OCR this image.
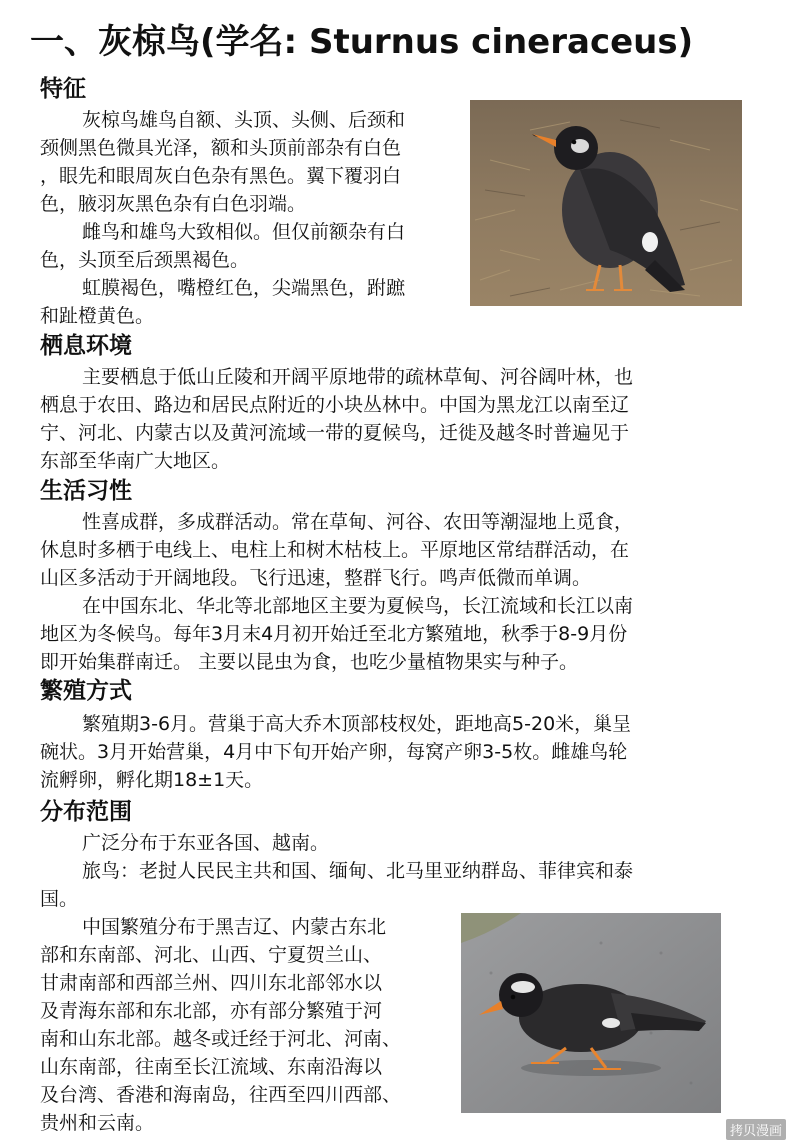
一、灰椋鸟(学名: Sturnus cineraceus)
特征
灰椋鸟雄鸟自额、头顶、头侧、后颈和
颈侧黑色微具光泽，额和头顶前部杂有白色
，眼先和眼周灰白色杂有黑色。翼下覆羽白
色，腋羽灰黑色杂有白色羽端。
雌鸟和雄鸟大致相似。但仅前额杂有白
色，头顶至后颈黑褐色。
虹膜褐色，嘴橙红色，尖端黑色，跗蹠
和趾橙黄色。
栖息环境
主要栖息于低山丘陵和开阔平原地带的疏林草甸、河谷阔叶林，也
栖息于农田、路边和居民点附近的小块丛林中。中国为黑龙江以南至辽
宁、河北、内蒙古以及黄河流域一带的夏候鸟，迁徙及越冬时普遍见于
东部至华南广大地区。
生活习性
性喜成群，多成群活动。常在草甸、河谷、农田等潮湿地上觅食，
休息时多栖于电线上、电柱上和树木枯枝上。平原地区常结群活动，在
山区多活动于开阔地段。飞行迅速，整群飞行。鸣声低微而单调。
在中国东北、华北等北部地区主要为夏候鸟，长江流域和长江以南
地区为冬候鸟。每年3月末4月初开始迁至北方繁殖地，秋季于8-9月份
即开始集群南迁。 主要以昆虫为食，也吃少量植物果实与种子。
繁殖方式
繁殖期3-6月。营巢于高大乔木顶部枝杈处，距地高5-20米，巢呈
碗状。3月开始营巢，4月中下旬开始产卵，每窝产卵3-5枚。雌雄鸟轮
流孵卵，孵化期18±1天。
分布范围
广泛分布于东亚各国、越南。
旅鸟：老挝人民民主共和国、缅甸、北马里亚纳群岛、菲律宾和泰
国。
中国繁殖分布于黑吉辽、内蒙古东北
部和东南部、河北、山西、宁夏贺兰山、
甘肃南部和西部兰州、四川东北部邻水以
及青海东部和东北部，亦有部分繁殖于河
南和山东北部。越冬或迁经于河北、河南、
山东南部，往南至长江流域、东南沿海以
及台湾、香港和海南岛，往西至四川西部、
贵州和云南。	拷贝漫画
